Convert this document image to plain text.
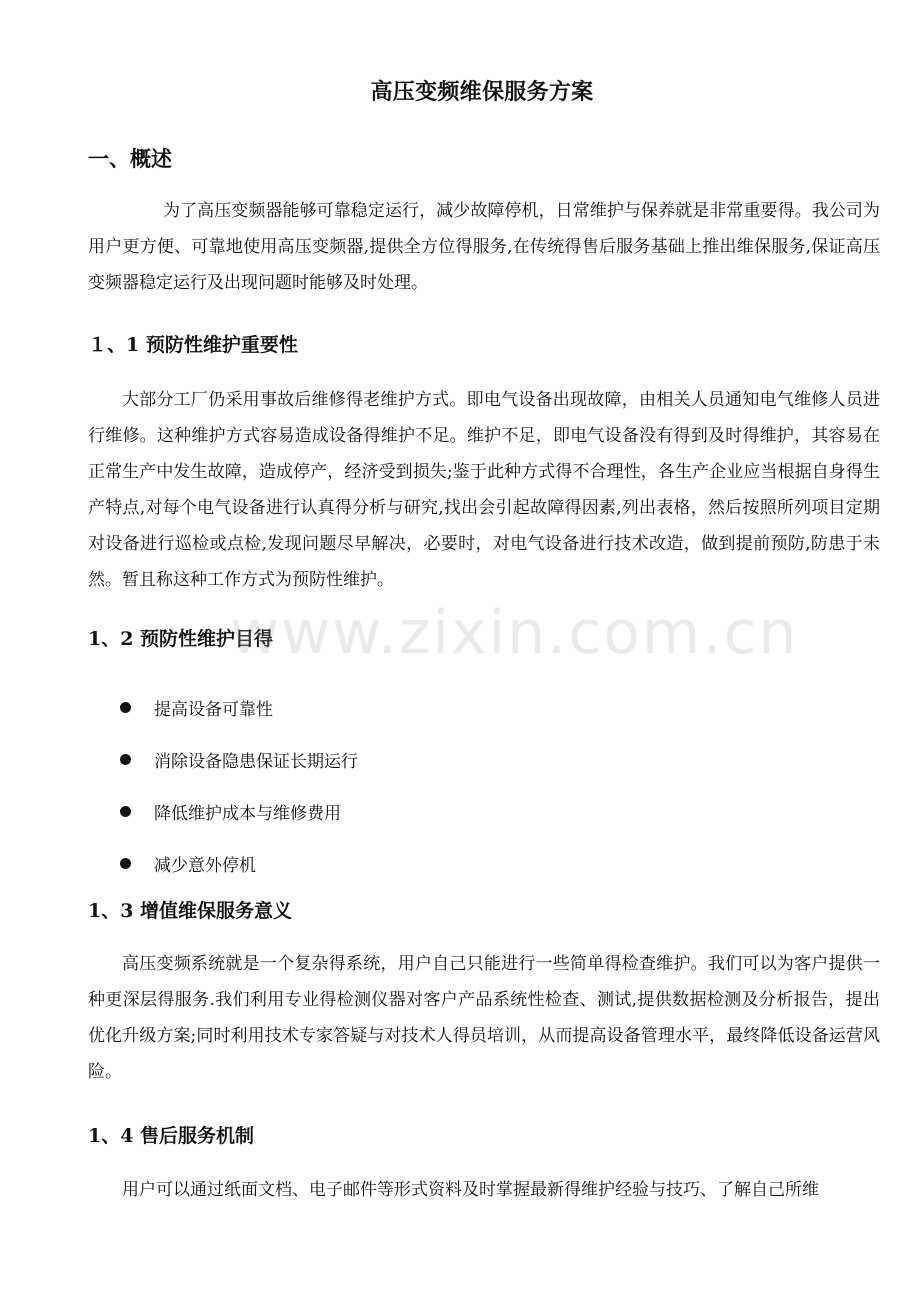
高压变频维保服务方案
一、概述
为了高压变频器能够可靠稳定运行，减少故障停机，日常维护与保养就是非常重要得。我公司为用户更方便、可靠地使用高压变频器,提供全方位得服务,在传统得售后服务基础上推出维保服务,保证高压变频器稳定运行及出现问题时能够及时处理。
１、1 预防性维护重要性
大部分工厂仍采用事故后维修得老维护方式。即电气设备出现故障，由相关人员通知电气维修人员进行维修。这种维护方式容易造成设备得维护不足。维护不足，即电气设备没有得到及时得维护，其容易在正常生产中发生故障，造成停产，经济受到损失;鉴于此种方式得不合理性，各生产企业应当根据自身得生产特点,对每个电气设备进行认真得分析与研究,找出会引起故障得因素,列出表格，然后按照所列项目定期对设备进行巡检或点检,发现问题尽早解决，必要时，对电气设备进行技术改造，做到提前预防,防患于未然。暂且称这种工作方式为预防性维护。
1、2 预防性维护目得
提高设备可靠性
消除设备隐患保证长期运行
降低维护成本与维修费用
减少意外停机
1、3 增值维保服务意义
高压变频系统就是一个复杂得系统，用户自己只能进行一些简单得检查维护。我们可以为客户提供一种更深层得服务.我们利用专业得检测仪器对客户产品系统性检查、测试,提供数据检测及分析报告，提出优化升级方案;同时利用技术专家答疑与对技术人得员培训，从而提高设备管理水平，最终降低设备运营风险。
1、4 售后服务机制
用户可以通过纸面文档、电子邮件等形式资料及时掌握最新得维护经验与技巧、了解自己所维
www.zixin.com.cn
